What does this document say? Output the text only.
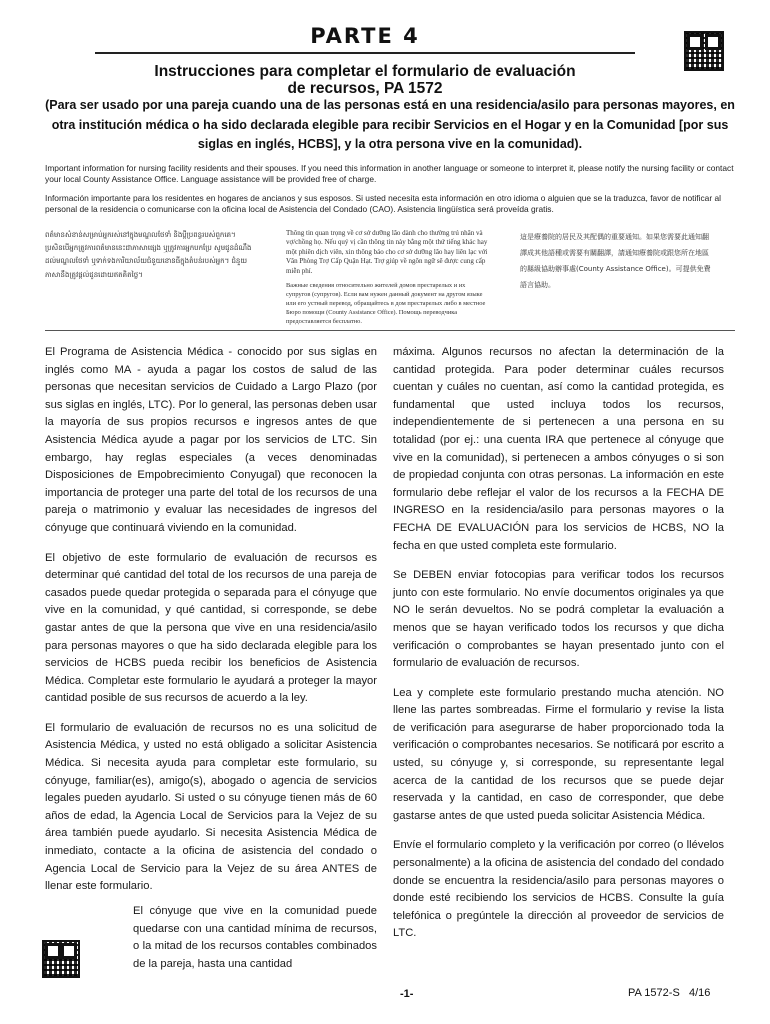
PARTE 4
Instrucciones para completar el formulario de evaluación
de recursos, PA 1572
(Para ser usado por una pareja cuando una de las personas está en una residencia/asilo para personas mayores, en otra institución médica o ha sido declarada elegible para recibir Servicios en el Hogar y en la Comunidad [por sus siglas en inglés, HCBS], y la otra persona vive en la comunidad).
Important information for nursing facility residents and their spouses. If you need this information in another language or someone to interpret it, please notify the nursing facility or contact your local County Assistance Office. Language assistance will be provided free of charge.
Información importante para los residentes en hogares de ancianos y sus esposos. Si usted necesita esta información en otro idioma o alguien que se la traduzca, favor de notificar al personal de la residencia o comunicarse con la oficina local de Asistencia del Condado (CAO). Asistencia lingüística será proveída gratis.
ពត៌មានសំខាន់សម្រាប់អ្នករស់នៅក្នុងមណ្ឌលថែទាំ និងប្តីប្រពន្ធរបស់ពួកគេ។ ប្រសិនបើអ្នកត្រូវការពត៌មាននេះជាភាសាផ្សេង ឬត្រូវការអ្នកបកប្រែ សូមជូនដំណឹងដល់មណ្ឌលថែទាំ ឬទាក់ទងការិយាល័យជំនួយខោនធីក្នុងតំបន់របស់អ្នក។ ជំនួយភាសានឹងត្រូវផ្តល់ជូនដោយឥតគិតថ្លៃ។
Thông tin quan trọng về cơ sở dưỡng lão dành cho thường trú nhân và vợ/chồng họ. Nếu quý vị cần thông tin này bằng một thứ tiếng khác hay một phiên dịch viên, xin thông báo cho cơ sở dưỡng lão hay liên lạc với Văn Phòng Trợ Cấp Quận Hạt. Trợ giúp về ngôn ngữ sẽ được cung cấp miễn phí.
Важные сведения относительно жителей домов престарелых и их супругов (супругов). Если вам нужен данный документ на другом языке или его устный перевод, обращайтесь в дом престарелых либо в местное Бюро помощи (County Assistance Office). Помощь переводчика предоставляется бесплатно.
這是療養院的居民及其配偶的重要通知。如果您需要此通知翻譯成其他語種或需要有關翻譯，請通知療養院或跟您所在地區的縣級協助辦事處(County Assistance Office)。可提供免費語言協助。

El Programa de Asistencia Médica - conocido por sus siglas en inglés como MA - ayuda a pagar los costos de salud de las personas que necesitan servicios de Cuidado a Largo Plazo (por sus siglas en inglés, LTC). Por lo general, las personas deben usar la mayoría de sus propios recursos e ingresos antes de que Asistencia Médica ayude a pagar por los servicios de LTC. Sin embargo, hay reglas especiales (a veces denominadas Disposiciones de Empobrecimiento Conyugal) que reconocen la importancia de proteger una parte del total de los recursos de una pareja o matrimonio y evaluar las necesidades de ingresos del cónyuge que continuará viviendo en la comunidad.

El objetivo de este formulario de evaluación de recursos es determinar qué cantidad del total de los recursos de una pareja de casados puede quedar protegida o separada para el cónyuge que vive en la comunidad, y qué cantidad, si corresponde, se debe gastar antes de que la persona que vive en una residencia/asilo para personas mayores o que ha sido declarada elegible para los servicios de HCBS pueda recibir los beneficios de Asistencia Médica. Completar este formulario le ayudará a proteger la mayor cantidad posible de sus recursos de acuerdo a la ley.

El formulario de evaluación de recursos no es una solicitud de Asistencia Médica, y usted no está obligado a solicitar Asistencia Médica. Si necesita ayuda para completar este formulario, su cónyuge, familiar(es), amigo(s), abogado o agencia de servicios legales pueden ayudarlo. Si usted o su cónyuge tienen más de 60 años de edad, la Agencia Local de Servicios para la Vejez de su área también puede ayudarlo. Si necesita Asistencia Médica de inmediato, contacte a la oficina de asistencia del condado o Agencia Local de Servicio para la Vejez de su área ANTES de llenar este formulario.

El cónyuge que vive en la comunidad puede quedarse con una cantidad mínima de recursos, o la mitad de los recursos contables combinados de la pareja, hasta una cantidad

máxima. Algunos recursos no afectan la determinación de la cantidad protegida. Para poder determinar cuáles recursos cuentan y cuáles no cuentan, así como la cantidad protegida, es fundamental que usted incluya todos los recursos, independientemente de si pertenecen a una persona en su totalidad (por ej.: una cuenta IRA que pertenece al cónyuge que vive en la comunidad), si pertenecen a ambos cónyuges o si son de propiedad conjunta con otras personas. La información en este formulario debe reflejar el valor de los recursos a la FECHA DE INGRESO en la residencia/asilo para personas mayores o la FECHA DE EVALUACIÓN para los servicios de HCBS, NO la fecha en que usted completa este formulario.

Se DEBEN enviar fotocopias para verificar todos los recursos junto con este formulario. No envíe documentos originales ya que NO le serán devueltos. No se podrá completar la evaluación a menos que se hayan verificado todos los recursos y que dicha verificación o comprobantes se hayan presentado junto con el formulario de evaluación de recursos.

Lea y complete este formulario prestando mucha atención. NO llene las partes sombreadas. Firme el formulario y revise la lista de verificación para asegurarse de haber proporcionado toda la verificación o comprobantes necesarios. Se notificará por escrito a usted, su cónyuge y, si corresponde, su representante legal acerca de la cantidad de los recursos que se puede dejar reservada y la cantidad, en caso de corresponder, que debe gastarse antes de que usted pueda solicitar Asistencia Médica.

Envíe el formulario completo y la verificación por correo (o llévelos personalmente) a la oficina de asistencia del condado del condado donde se encuentra la residencia/asilo para personas mayores o donde esté recibiendo los servicios de HCBS. Consulte la guía telefónica o pregúntele la dirección al proveedor de servicios de LTC.

-1-	PA 1572-S   4/16
